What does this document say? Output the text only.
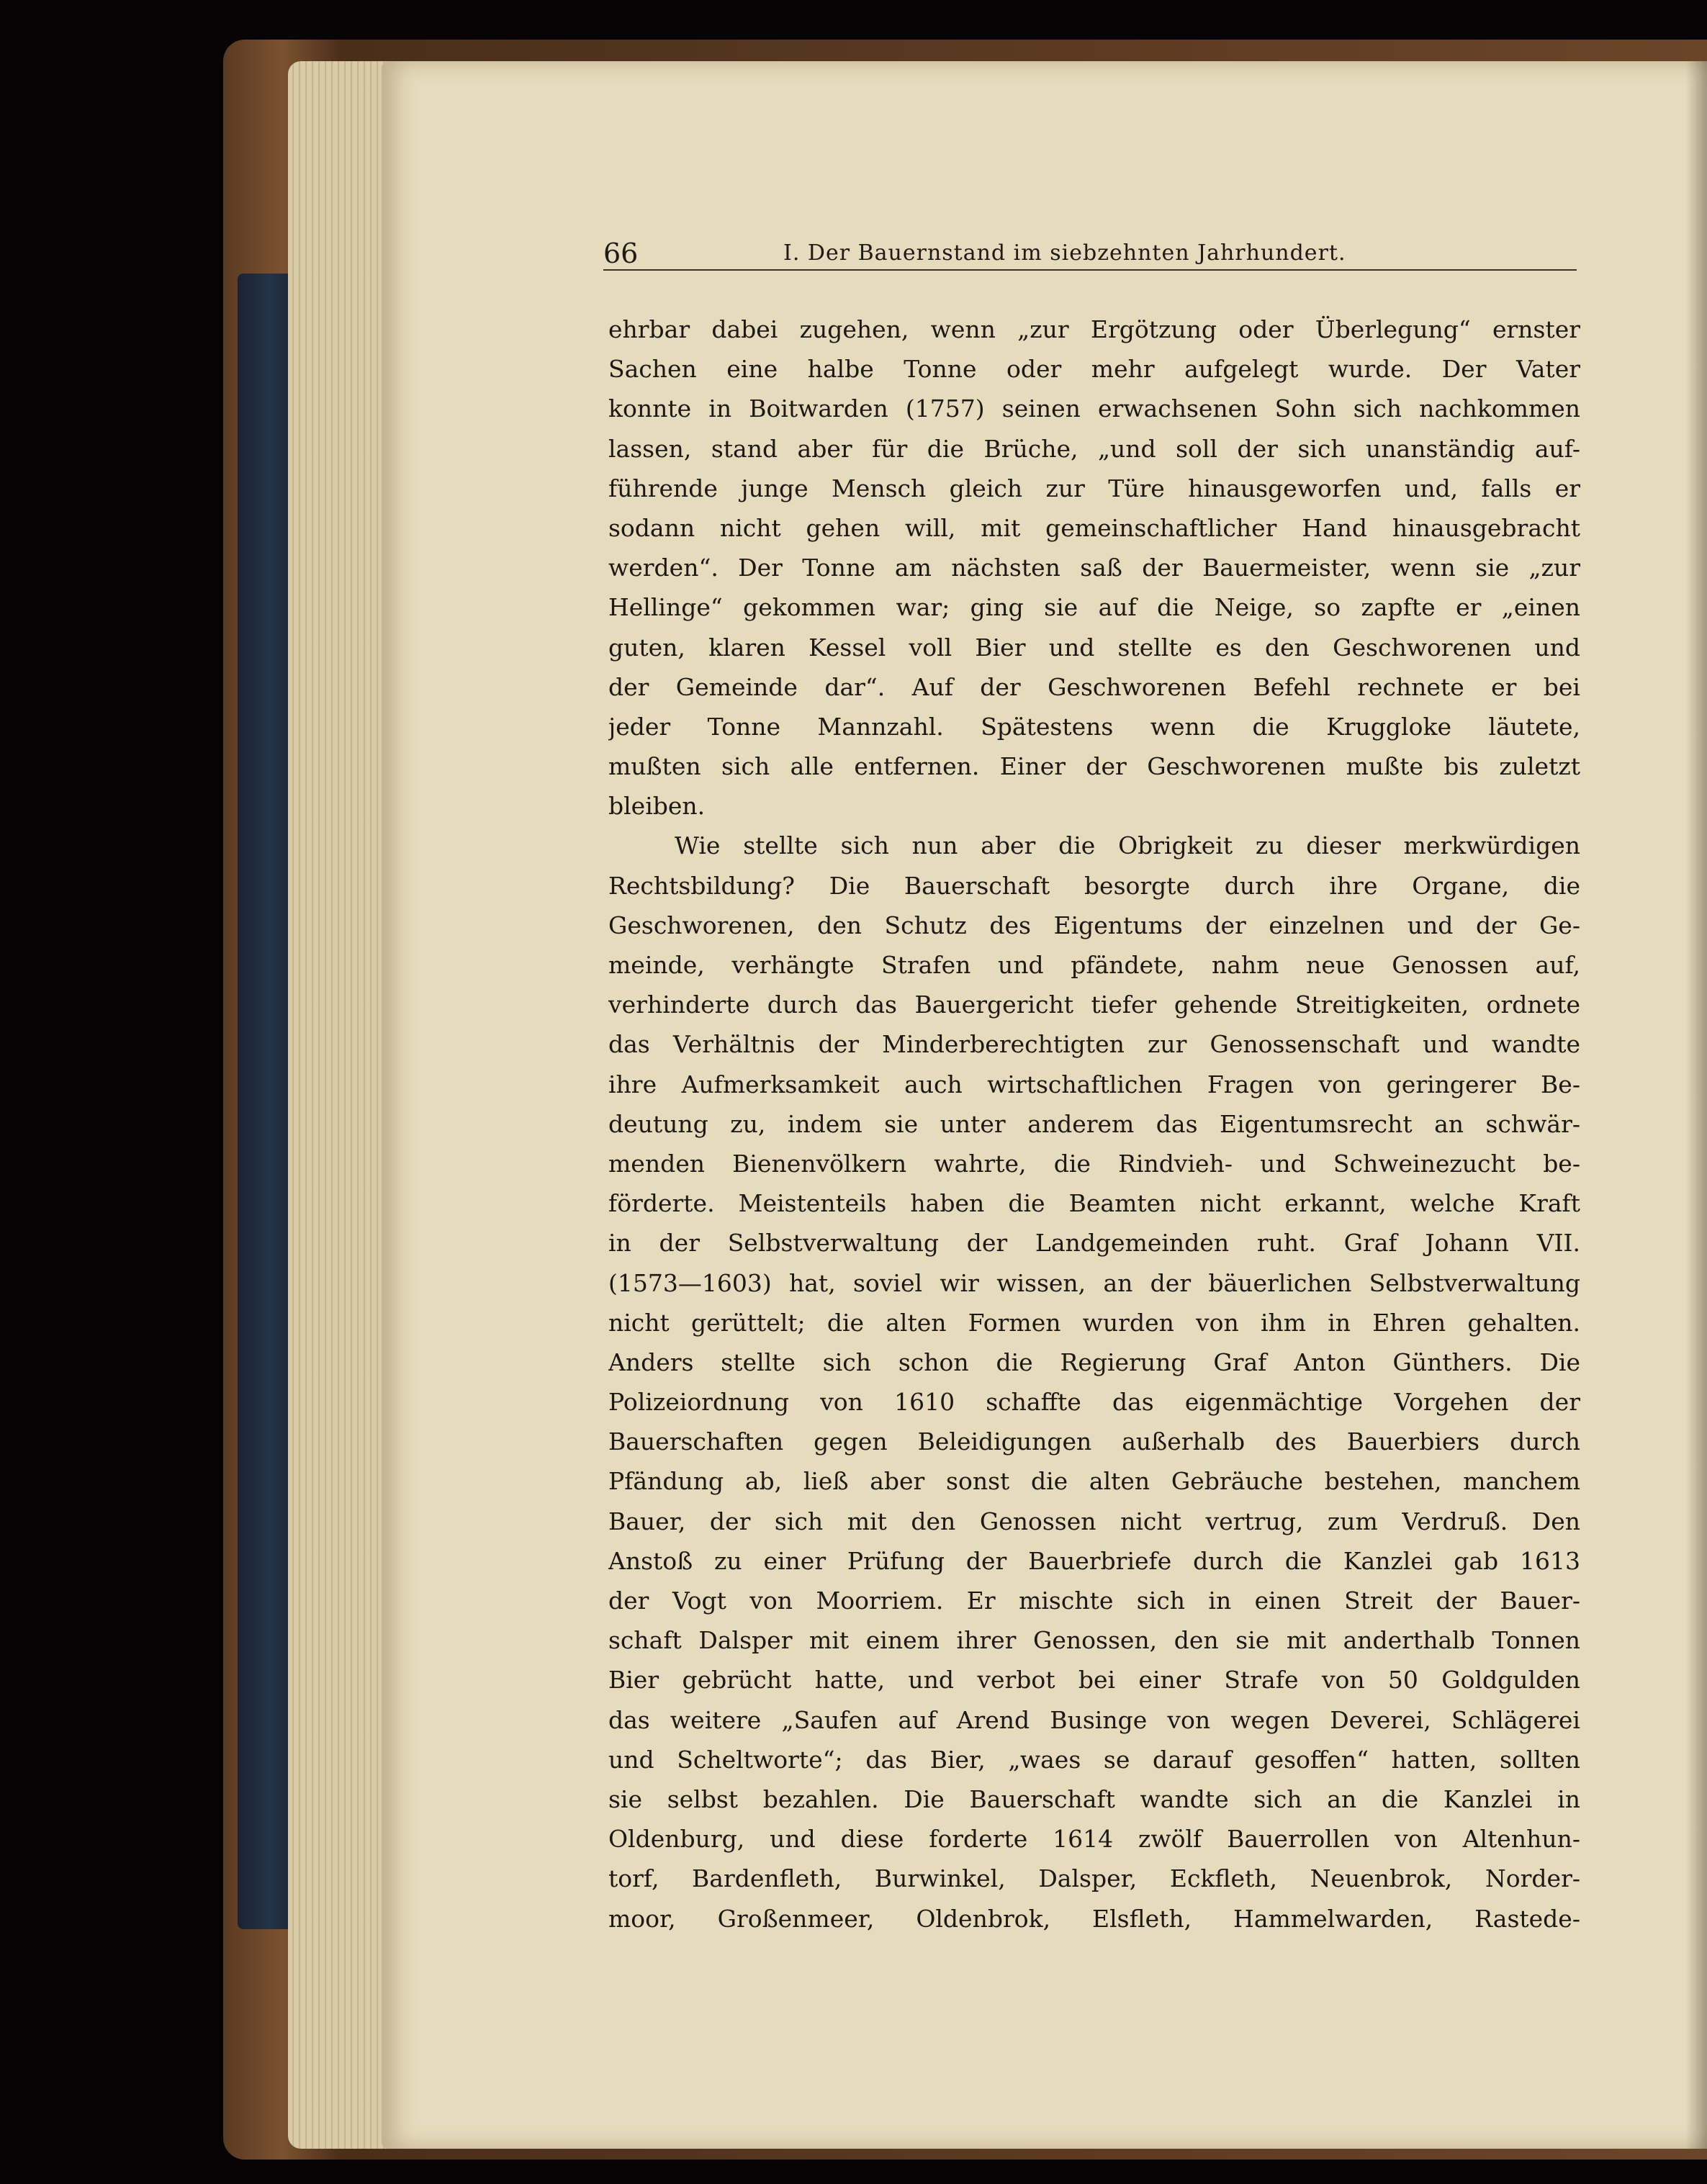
66	I. Der Bauernstand im siebzehnten Jahrhundert.
ehrbar dabei zugehen, wenn „zur Ergötzung oder Überlegung“ ernster
Sachen eine halbe Tonne oder mehr aufgelegt wurde. Der Vater
konnte in Boitwarden (1757) seinen erwachsenen Sohn sich nachkommen
lassen, stand aber für die Brüche, „und soll der sich unanständig auf-
führende junge Mensch gleich zur Türe hinausgeworfen und, falls er
sodann nicht gehen will, mit gemeinschaftlicher Hand hinausgebracht
werden“. Der Tonne am nächsten saß der Bauermeister, wenn sie „zur
Hellinge“ gekommen war; ging sie auf die Neige, so zapfte er „einen
guten, klaren Kessel voll Bier und stellte es den Geschworenen und
der Gemeinde dar“. Auf der Geschworenen Befehl rechnete er bei
jeder Tonne Mannzahl. Spätestens wenn die Kruggloke läutete,
mußten sich alle entfernen. Einer der Geschworenen mußte bis zuletzt
bleiben.
Wie stellte sich nun aber die Obrigkeit zu dieser merkwürdigen
Rechtsbildung? Die Bauerschaft besorgte durch ihre Organe, die
Geschworenen, den Schutz des Eigentums der einzelnen und der Ge-
meinde, verhängte Strafen und pfändete, nahm neue Genossen auf,
verhinderte durch das Bauergericht tiefer gehende Streitigkeiten, ordnete
das Verhältnis der Minderberechtigten zur Genossenschaft und wandte
ihre Aufmerksamkeit auch wirtschaftlichen Fragen von geringerer Be-
deutung zu, indem sie unter anderem das Eigentumsrecht an schwär-
menden Bienenvölkern wahrte, die Rindvieh- und Schweinezucht be-
förderte. Meistenteils haben die Beamten nicht erkannt, welche Kraft
in der Selbstverwaltung der Landgemeinden ruht. Graf Johann VII.
(1573—1603) hat, soviel wir wissen, an der bäuerlichen Selbstverwaltung
nicht gerüttelt; die alten Formen wurden von ihm in Ehren gehalten.
Anders stellte sich schon die Regierung Graf Anton Günthers. Die
Polizeiordnung von 1610 schaffte das eigenmächtige Vorgehen der
Bauerschaften gegen Beleidigungen außerhalb des Bauerbiers durch
Pfändung ab, ließ aber sonst die alten Gebräuche bestehen, manchem
Bauer, der sich mit den Genossen nicht vertrug, zum Verdruß. Den
Anstoß zu einer Prüfung der Bauerbriefe durch die Kanzlei gab 1613
der Vogt von Moorriem. Er mischte sich in einen Streit der Bauer-
schaft Dalsper mit einem ihrer Genossen, den sie mit anderthalb Tonnen
Bier gebrücht hatte, und verbot bei einer Strafe von 50 Goldgulden
das weitere „Saufen auf Arend Businge von wegen Deverei, Schlägerei
und Scheltworte“; das Bier, „waes se darauf gesoffen“ hatten, sollten
sie selbst bezahlen. Die Bauerschaft wandte sich an die Kanzlei in
Oldenburg, und diese forderte 1614 zwölf Bauerrollen von Altenhun-
torf, Bardenfleth, Burwinkel, Dalsper, Eckfleth, Neuenbrok, Norder-
moor, Großenmeer, Oldenbrok, Elsfleth, Hammelwarden, Rastede-
